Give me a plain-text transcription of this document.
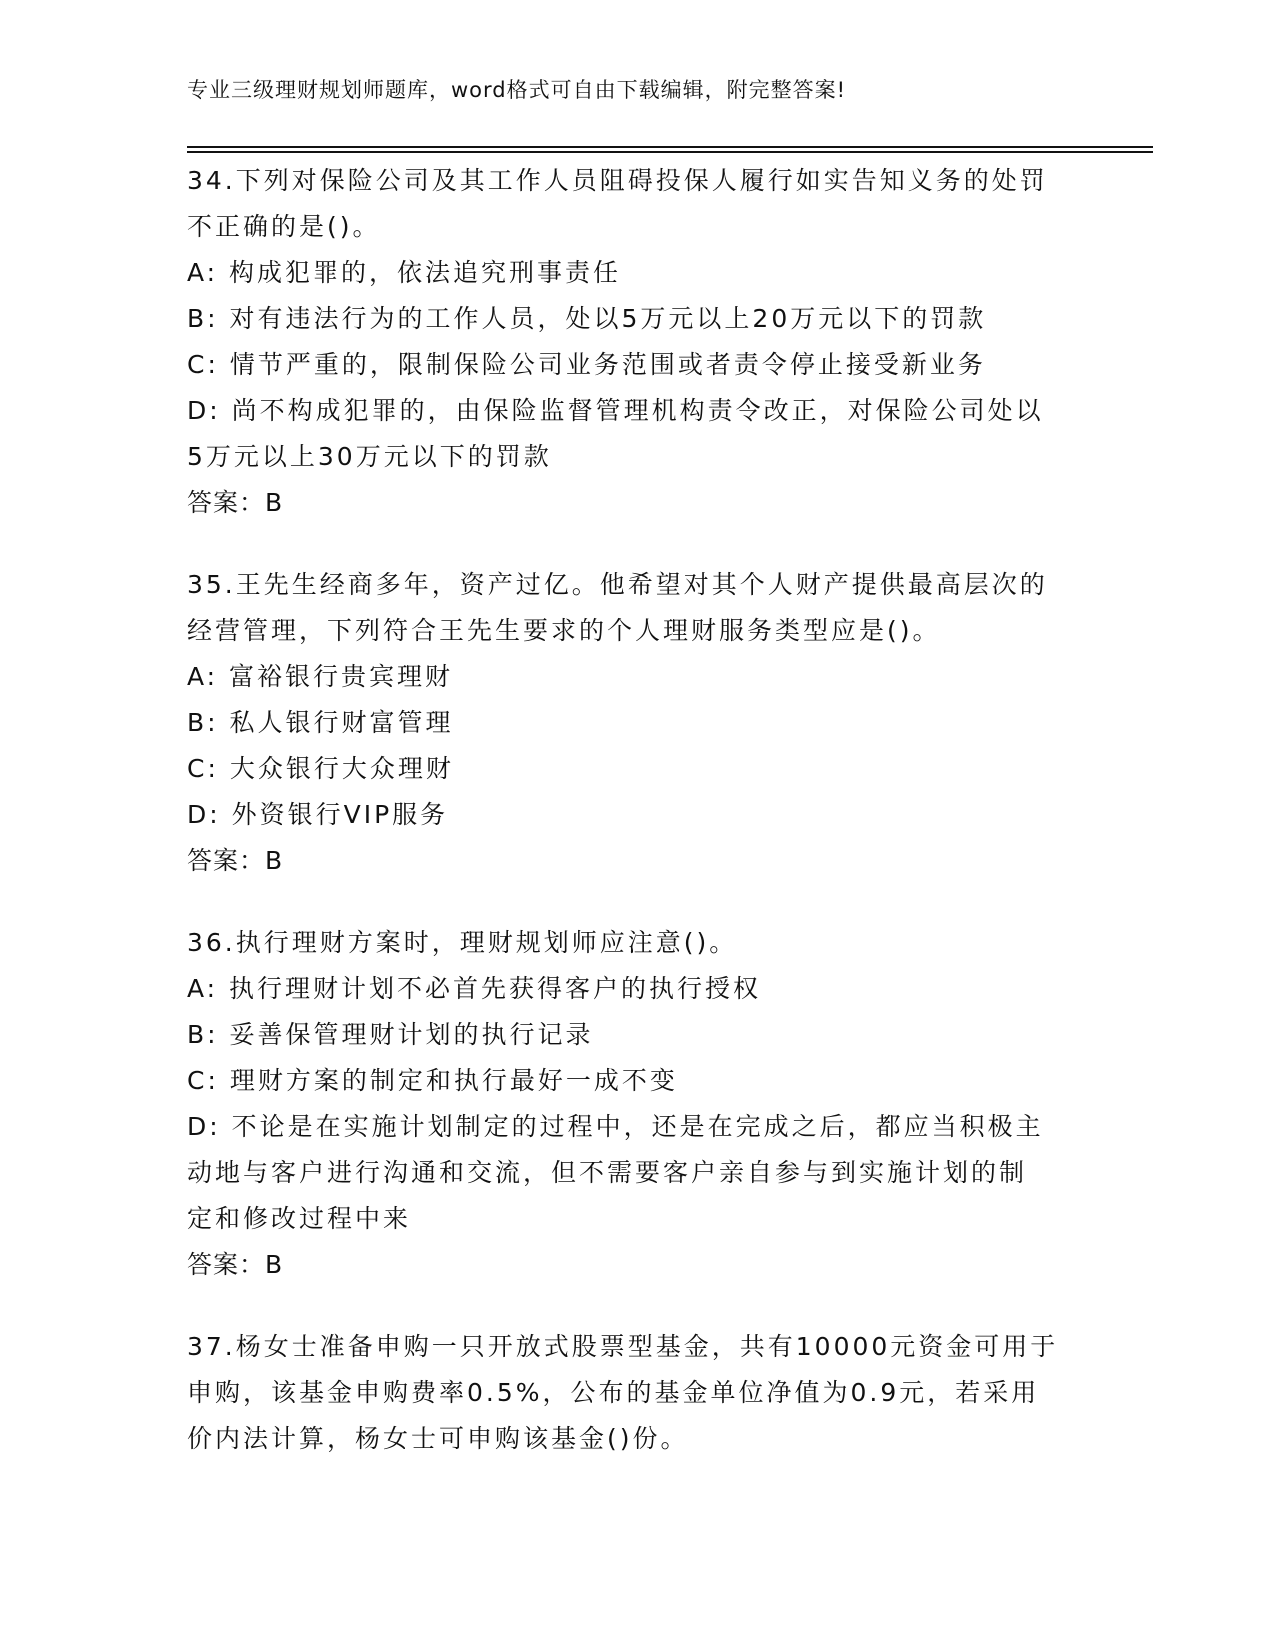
专业三级理财规划师题库，word格式可自由下载编辑，附完整答案!
34.下列对保险公司及其工作人员阻碍投保人履行如实告知义务的处罚
不正确的是()。
A: 构成犯罪的，依法追究刑事责任
B: 对有违法行为的工作人员，处以5万元以上20万元以下的罚款
C: 情节严重的，限制保险公司业务范围或者责令停止接受新业务
D: 尚不构成犯罪的，由保险监督管理机构责令改正，对保险公司处以
5万元以上30万元以下的罚款
答案：B
35.王先生经商多年，资产过亿。他希望对其个人财产提供最高层次的
经营管理，下列符合王先生要求的个人理财服务类型应是()。
A: 富裕银行贵宾理财
B: 私人银行财富管理
C: 大众银行大众理财
D: 外资银行VIP服务
答案：B
36.执行理财方案时，理财规划师应注意()。
A: 执行理财计划不必首先获得客户的执行授权
B: 妥善保管理财计划的执行记录
C: 理财方案的制定和执行最好一成不变
D: 不论是在实施计划制定的过程中，还是在完成之后，都应当积极主
动地与客户进行沟通和交流，但不需要客户亲自参与到实施计划的制
定和修改过程中来
答案：B
37.杨女士准备申购一只开放式股票型基金，共有10000元资金可用于
申购，该基金申购费率0.5%，公布的基金单位净值为0.9元，若采用
价内法计算，杨女士可申购该基金()份。
